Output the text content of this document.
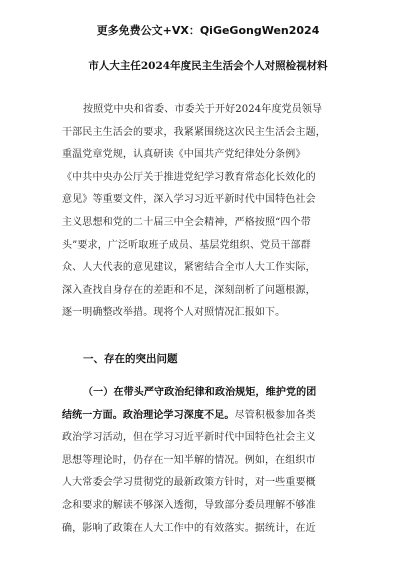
更多免费公文+VX：QiGeGongWen2024
市人大主任2024年度民主生活会个人对照检视材料
按照党中央和省委、市委关于开好2024年度党员领导
干部民主生活会的要求，我紧紧围绕这次民主生活会主题，
重温党章党规，认真研读《中国共产党纪律处分条例》
《中共中央办公厅关于推进党纪学习教育常态化长效化的
意见》等重要文件，深入学习习近平新时代中国特色社会
主义思想和党的二十届三中全会精神，严格按照“四个带
头”要求，广泛听取班子成员、基层党组织、党员干部群
众、人大代表的意见建议，紧密结合全市人大工作实际，
深入查找自身存在的差距和不足，深刻剖析了问题根源，
逐一明确整改举措。现将个人对照情况汇报如下。
一、存在的突出问题
（一）在带头严守政治纪律和政治规矩，维护党的团
结统一方面。政治理论学习深度不足。尽管积极参加各类
政治学习活动，但在学习习近平新时代中国特色社会主义
思想等理论时，仍存在一知半解的情况。例如，在组织市
人大常委会学习贯彻党的最新政策方针时，对一些重要概
念和要求的解读不够深入透彻，导致部分委员理解不够准
确，影响了政策在人大工作中的有效落实。据统计，在近
